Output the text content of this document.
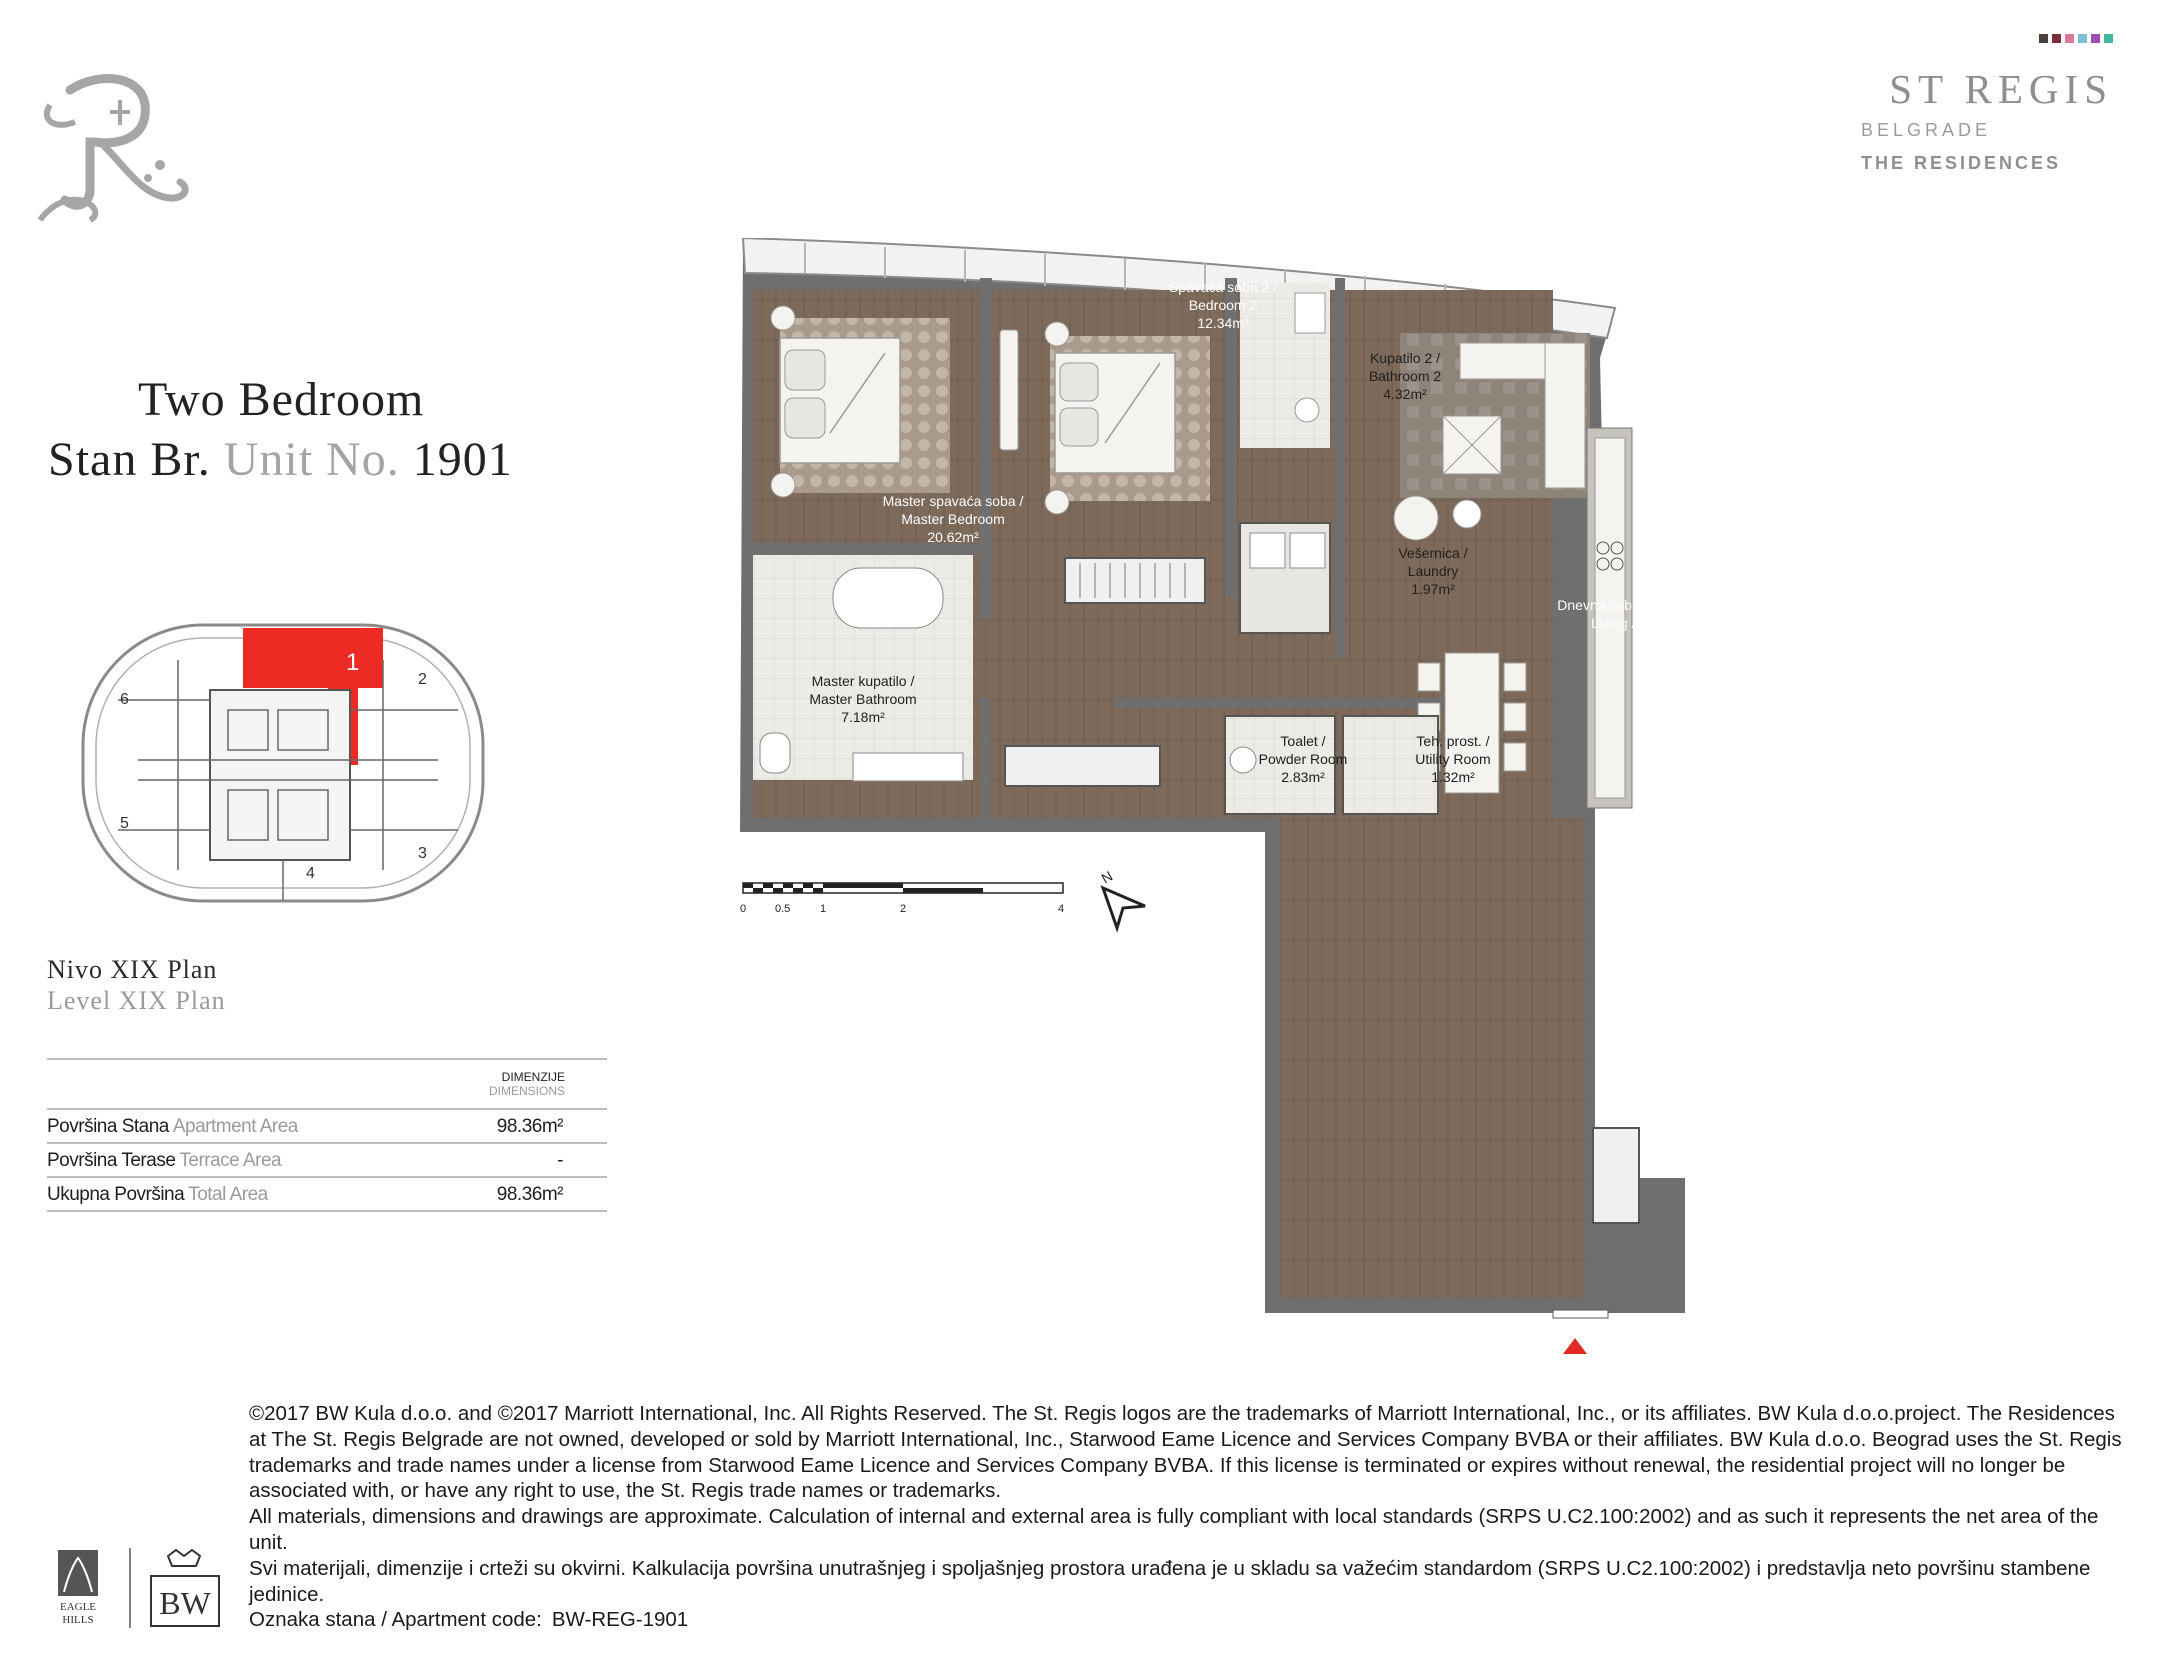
ST REGIS
BELGRADE
THE RESIDENCES
Two Bedroom
Stan Br. Unit No. 1901
1
2
3
4
5
6
Nivo XIX Plan
Level XIX Plan
DIMENZIJE
DIMENSIONS
Površina Stana Apartment Area	98.36m²
Površina Terase Terrace Area	-
Ukupna Površina Total Area	98.36m²
Spavaća soba 2 / Bedroom 2 12.34m²
Master spavaća soba / Master Bedroom 20.62m²
Dnevna soba / Trpezarija & Kuhinja Living / Dining & Kitchen 47.78m²
Kupatilo 2 / Bathroom 2 4.32m²
Vešernica / Laundry 1.97m²
Master kupatilo / Master Bathroom 7.18m²
Toalet / Powder Room 2.83m²
Teh. prost. / Utility Room 1.32m²
0	0.5	1	2	4
N

©2017 BW Kula d.o.o. and ©2017 Marriott International, Inc. All Rights Reserved. The St. Regis logos are the trademarks of Marriott International, Inc., or its affiliates. BW Kula d.o.o.project. The Residences at The St. Regis Belgrade are not owned, developed or sold by Marriott International, Inc., Starwood Eame Licence and Services Company BVBA or their affiliates. BW Kula d.o.o. Beograd uses the St. Regis trademarks and trade names under a license from Starwood Eame Licence and Services Company BVBA. If this license is terminated or expires without renewal, the residential project will no longer be associated with, or have any right to use, the St. Regis trade names or trademarks.

All materials, dimensions and drawings are approximate. Calculation of internal and external area is fully compliant with local standards (SRPS U.C2.100:2002) and as such it represents the net area of the unit.

Svi materijali, dimenzije i crteži su okvirni. Kalkulacija površina unutrašnjeg i spoljašnjeg prostora urađena je u skladu sa važećim standardom (SRPS U.C2.100:2002) i predstavlja neto površinu stambene jedinice.

Oznaka stana / Apartment code: BW-REG-1901

EAGLE
HILLS BW
